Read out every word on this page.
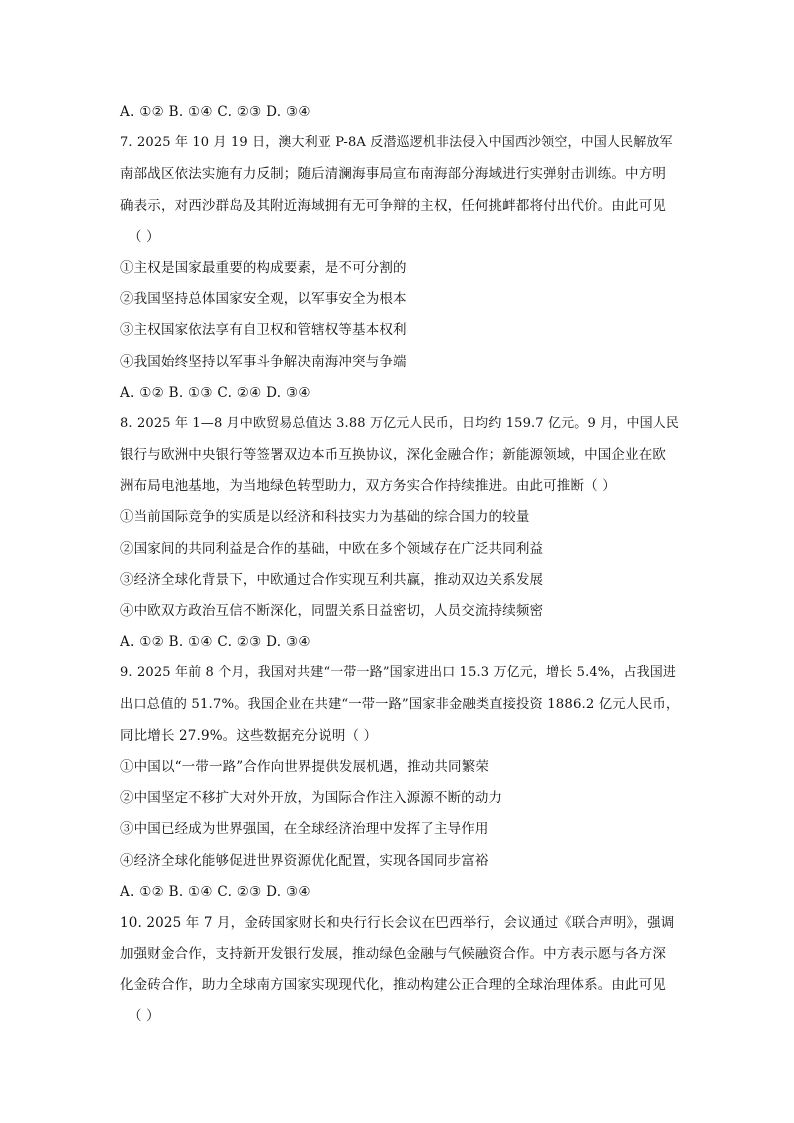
A. ①② B. ①④ C. ②③ D. ③④
7. 2025 年 10 月 19 日，澳大利亚 P-8A 反潜巡逻机非法侵入中国西沙领空，中国人民解放军
南部战区依法实施有力反制；随后清澜海事局宣布南海部分海域进行实弹射击训练。中方明
确表示，对西沙群岛及其附近海域拥有无可争辩的主权，任何挑衅都将付出代价。由此可见
（ ）
①主权是国家最重要的构成要素，是不可分割的
②我国坚持总体国家安全观，以军事安全为根本
③主权国家依法享有自卫权和管辖权等基本权利
④我国始终坚持以军事斗争解决南海冲突与争端
A. ①② B. ①③ C. ②④ D. ③④
8. 2025 年 1—8 月中欧贸易总值达 3.88 万亿元人民币，日均约 159.7 亿元。9 月，中国人民
银行与欧洲中央银行等签署双边本币互换协议，深化金融合作；新能源领域，中国企业在欧
洲布局电池基地，为当地绿色转型助力，双方务实合作持续推进。由此可推断（ ）
①当前国际竞争的实质是以经济和科技实力为基础的综合国力的较量
②国家间的共同利益是合作的基础，中欧在多个领域存在广泛共同利益
③经济全球化背景下，中欧通过合作实现互利共赢，推动双边关系发展
④中欧双方政治互信不断深化，同盟关系日益密切，人员交流持续频密
A. ①② B. ①④ C. ②③ D. ③④
9. 2025 年前 8 个月，我国对共建“一带一路”国家进出口 15.3 万亿元，增长 5.4%，占我国进
出口总值的 51.7%。我国企业在共建“一带一路”国家非金融类直接投资 1886.2 亿元人民币，
同比增长 27.9%。这些数据充分说明（ ）
①中国以“一带一路”合作向世界提供发展机遇，推动共同繁荣
②中国坚定不移扩大对外开放，为国际合作注入源源不断的动力
③中国已经成为世界强国，在全球经济治理中发挥了主导作用
④经济全球化能够促进世界资源优化配置，实现各国同步富裕
A. ①② B. ①④ C. ②③ D. ③④
10. 2025 年 7 月，金砖国家财长和央行行长会议在巴西举行，会议通过《联合声明》，强调
加强财金合作，支持新开发银行发展，推动绿色金融与气候融资合作。中方表示愿与各方深
化金砖合作，助力全球南方国家实现现代化，推动构建公正合理的全球治理体系。由此可见
（ ）
